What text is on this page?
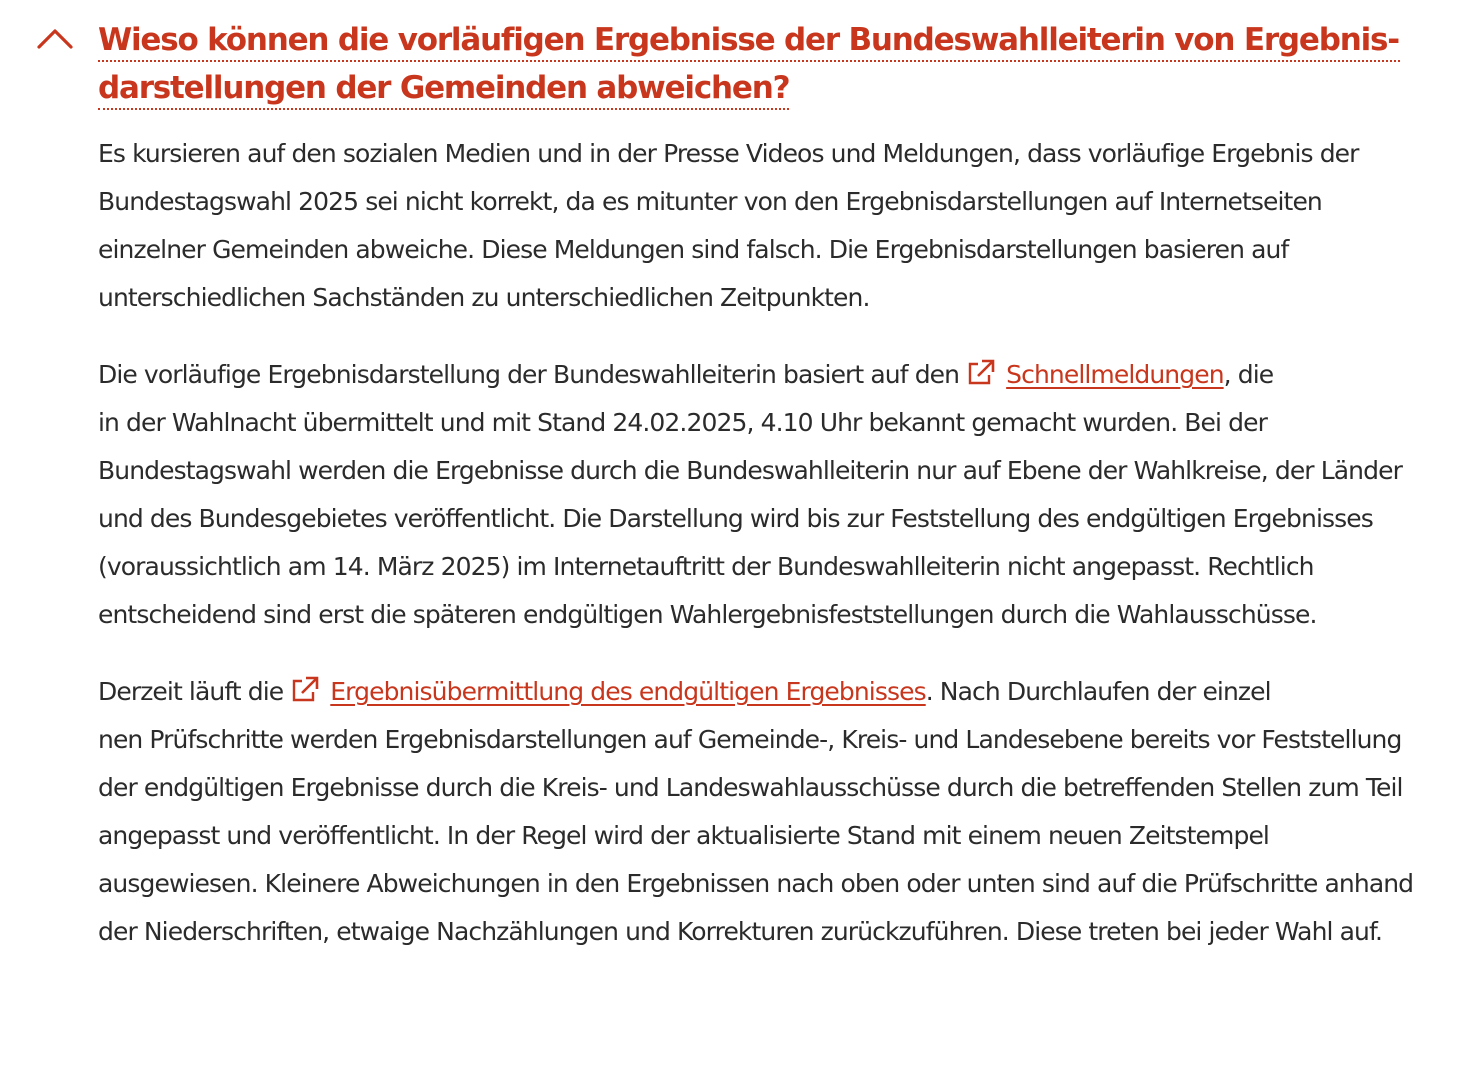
Wieso können die vorläufigen Ergebnisse der Bundeswahlleiterin von Ergebnisdarstellungen der Gemeinden abweichen?

Es kursieren auf den sozialen Medien und in der Presse Videos und Meldungen, dass vorläufige Ergebnis der Bundestagswahl 2025 sei nicht korrekt, da es mitunter von den Ergebnisdarstellungen auf Internetseiten einzelner Gemeinden abweiche. Diese Meldungen sind falsch. Die Ergebnisdarstellungen basieren auf unterschiedlichen Sachständen zu unterschiedlichen Zeitpunkten.

Die vorläufige Ergebnisdarstellung der Bundeswahlleiterin basiert auf den Schnellmeldungen, die
in der Wahlnacht übermittelt und mit Stand 24.02.2025, 4.10 Uhr bekannt gemacht wurden. Bei der Bundestagswahl werden die Ergebnisse durch die Bundeswahlleiterin nur auf Ebene der Wahlkreise, der Länder und des Bundesgebietes veröffentlicht. Die Darstellung wird bis zur Feststellung des endgültigen Ergebnisses (voraussichtlich am 14. März 2025) im Internetauftritt der Bundeswahlleiterin nicht angepasst. Rechtlich entscheidend sind erst die späteren endgültigen Wahlergebnisfeststellungen durch die Wahlausschüsse.

Derzeit läuft die Ergebnisübermittlung des endgültigen Ergebnisses. Nach Durchlaufen der einzel
nen Prüfschritte werden Ergebnisdarstellungen auf Gemeinde-, Kreis- und Landesebene bereits vor Feststellung der endgültigen Ergebnisse durch die Kreis- und Landeswahlausschüsse durch die betreffenden Stellen zum Teil angepasst und veröffentlicht. In der Regel wird der aktualisierte Stand mit einem neuen Zeitstempel ausgewiesen. Kleinere Abweichungen in den Ergebnissen nach oben oder unten sind auf die Prüfschritte anhand der Niederschriften, etwaige Nachzählungen und Korrekturen zurückzuführen. Diese treten bei jeder Wahl auf.
